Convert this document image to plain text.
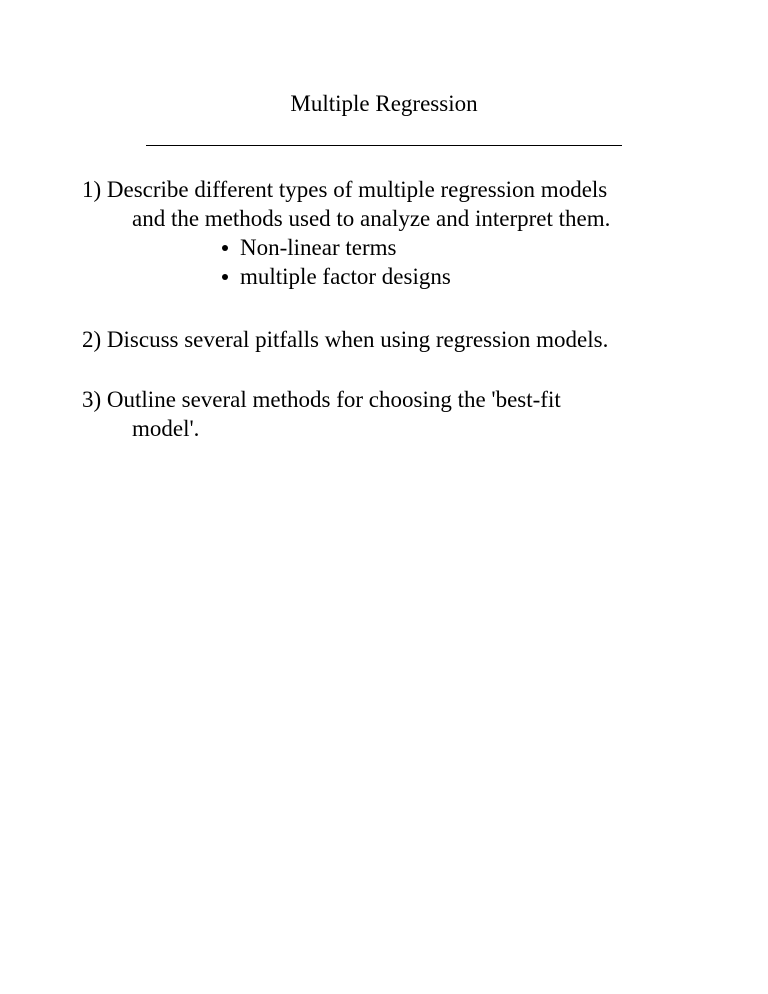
Multiple Regression
1) Describe different types of multiple regression models
and the methods used to analyze and interpret them.
Non-linear terms
multiple factor designs
2) Discuss several pitfalls when using regression models.
3) Outline several methods for choosing the 'best-fit
model'.
